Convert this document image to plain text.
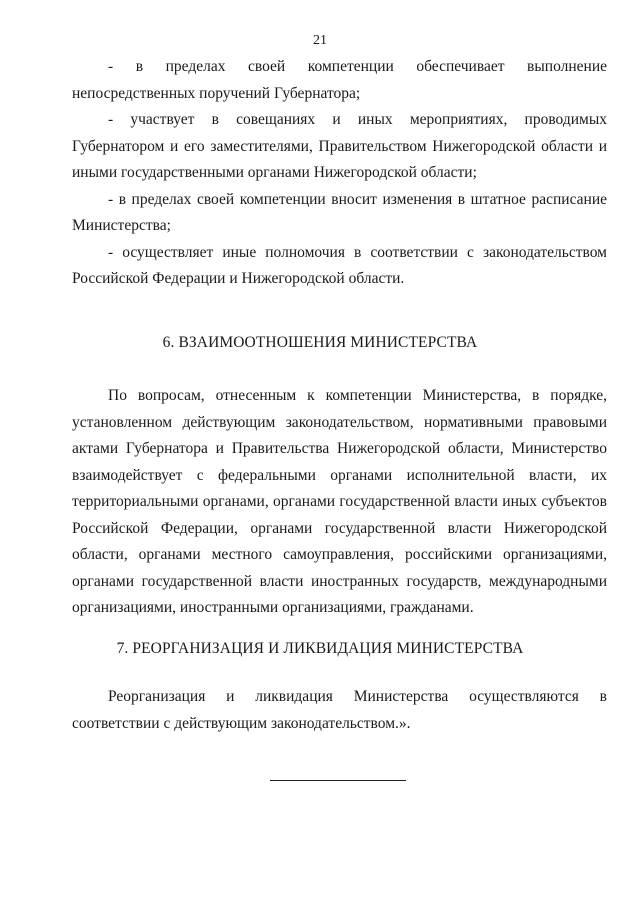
21

- в пределах своей компетенции обеспечивает выполнение непосредственных поручений Губернатора;

- участвует в совещаниях и иных мероприятиях, проводимых Губернатором и его заместителями, Правительством Нижегородской области и иными государственными органами Нижегородской области;

- в пределах своей компетенции вносит изменения в штатное расписание Министерства;

- осуществляет иные полномочия в соответствии с законодательством Российской Федерации и Нижегородской области.

6. ВЗАИМООТНОШЕНИЯ МИНИСТЕРСТВА

По вопросам, отнесенным к компетенции Министерства, в порядке, установленном действующим законодательством, нормативными правовыми актами Губернатора и Правительства Нижегородской области, Министерство взаимодействует с федеральными органами исполнительной власти, их территориальными органами, органами государственной власти иных субъектов Российской Федерации, органами государственной власти Нижегородской области, органами местного самоуправления, российскими организациями, органами государственной власти иностранных государств, международными организациями, иностранными организациями, гражданами.

7. РЕОРГАНИЗАЦИЯ И ЛИКВИДАЦИЯ МИНИСТЕРСТВА

Реорганизация и ликвидация Министерства осуществляются в соответствии с действующим законодательством.».
